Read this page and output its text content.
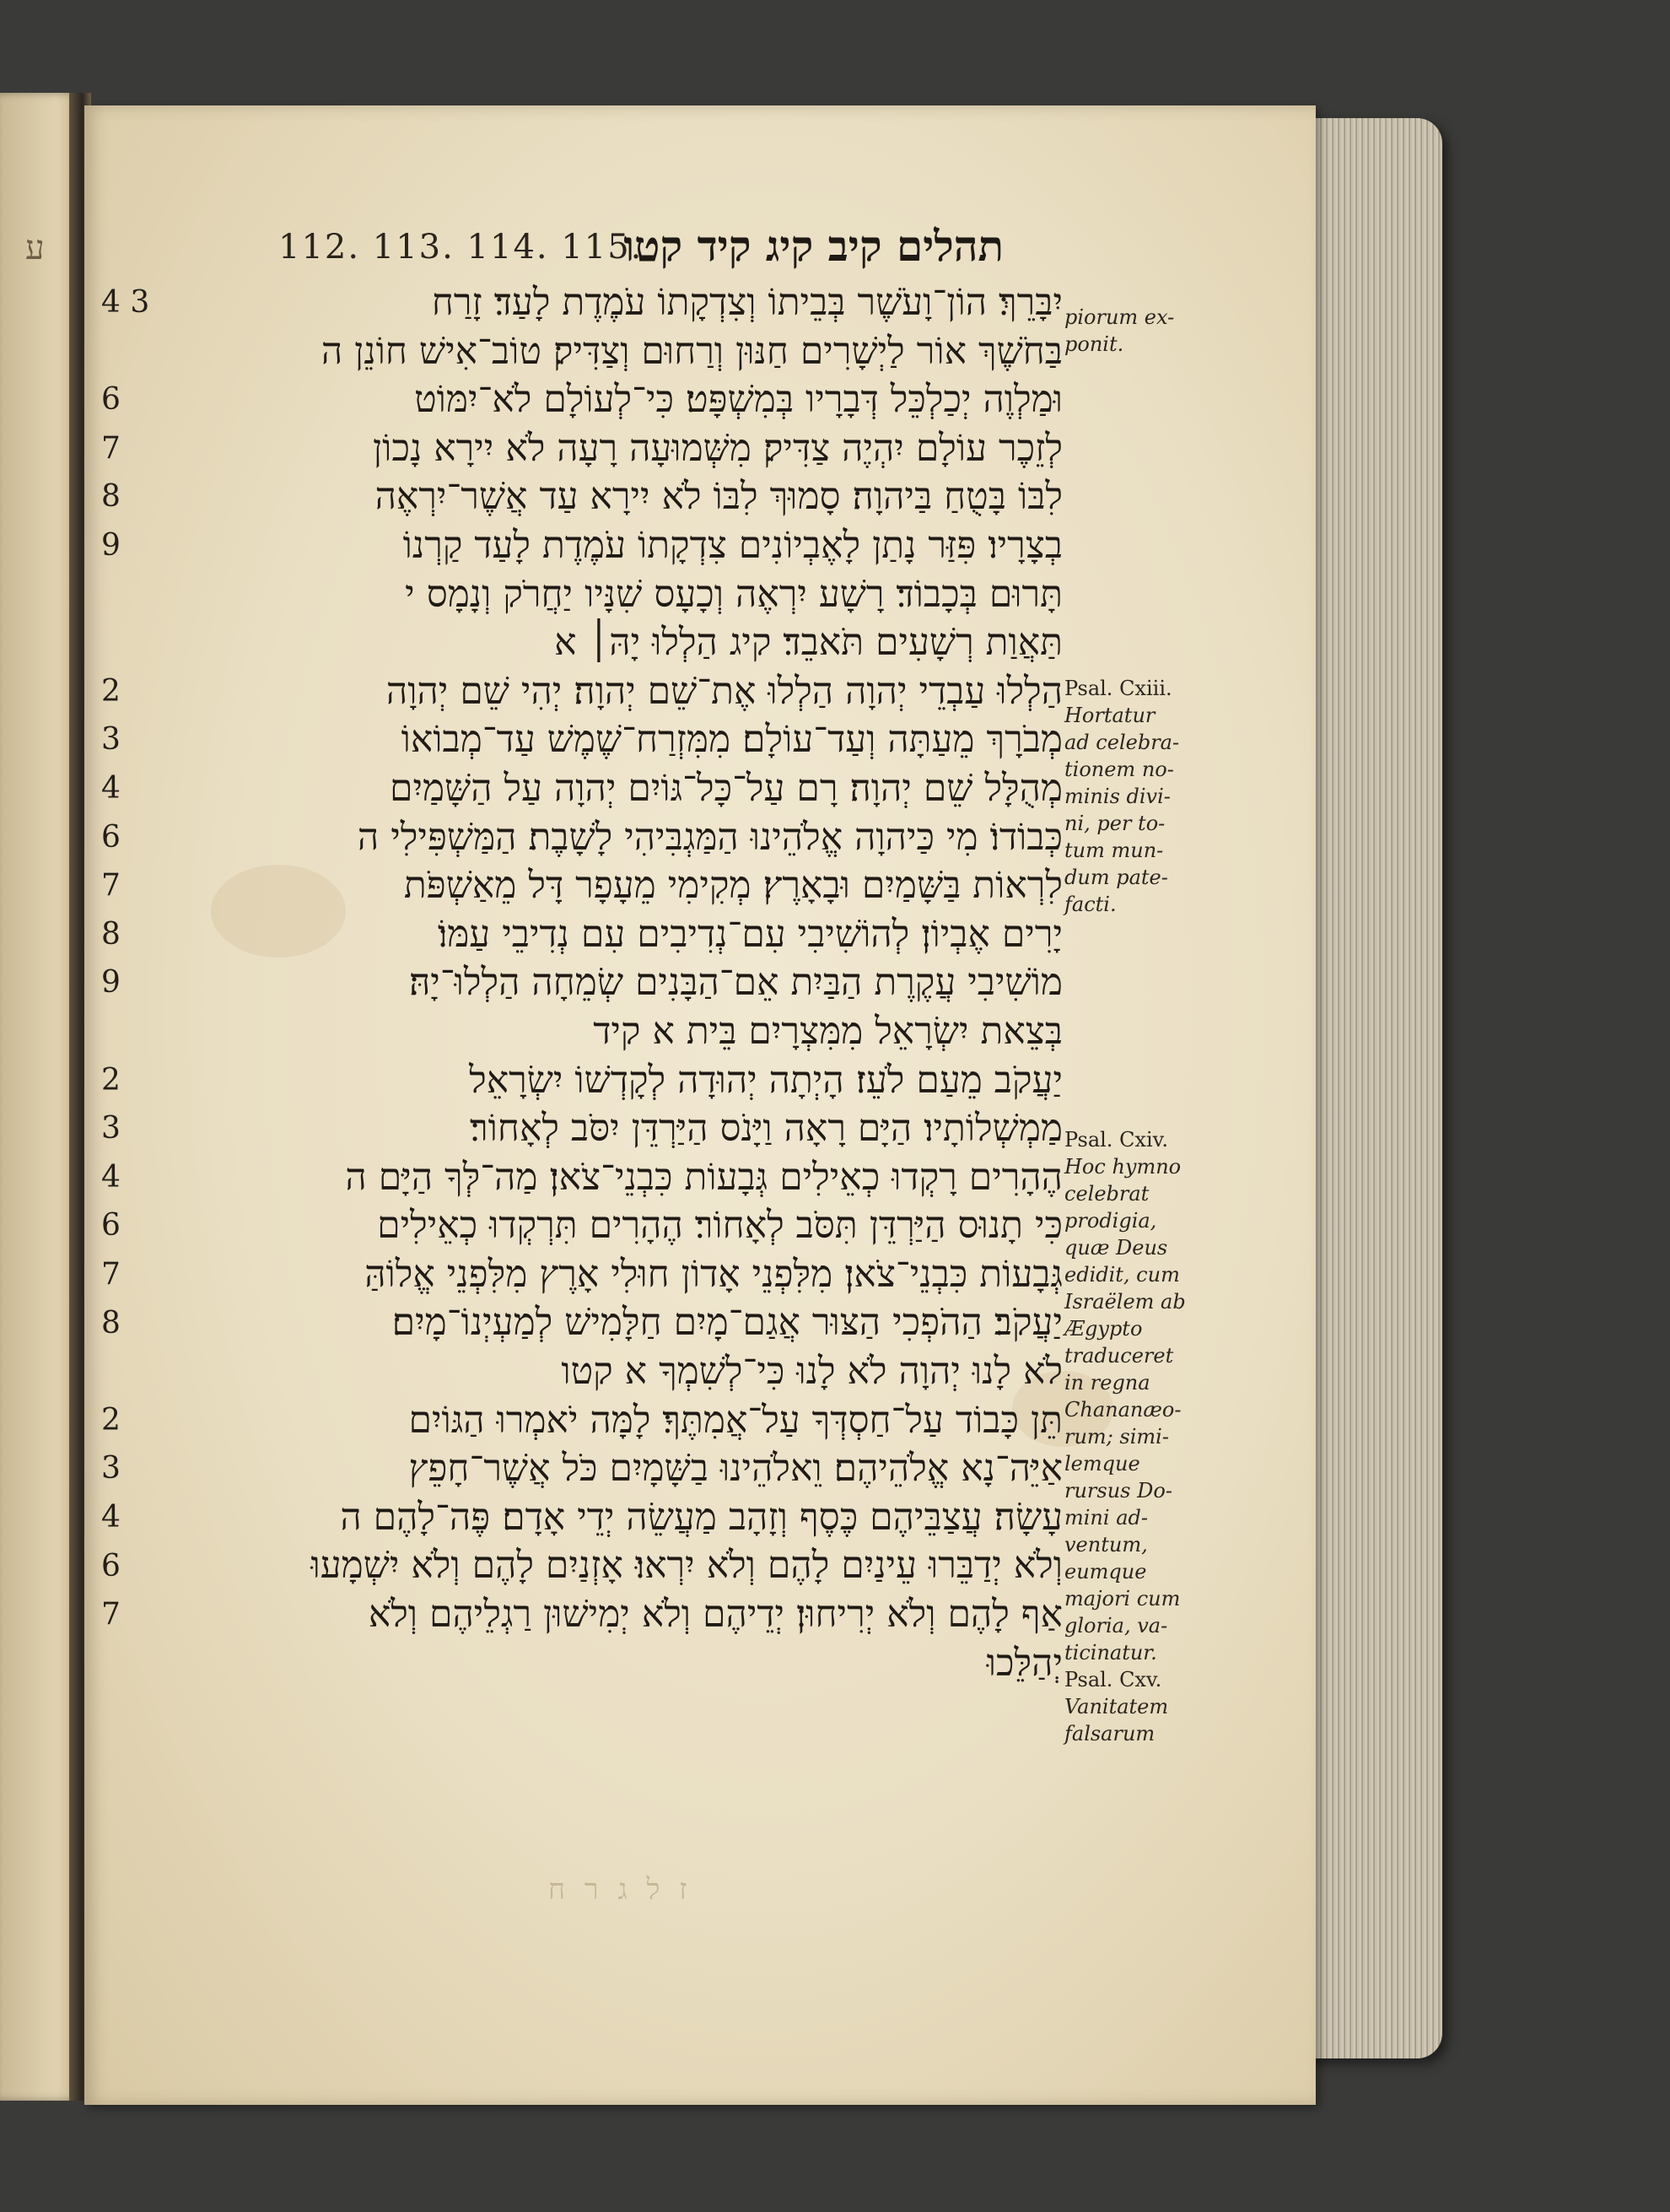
ע	112. 113. 114. 115.
תהלים קיב קיג קיד קטו
יִבָּרֵךְ׃ הוֹן־וָעֹשֶׁר בְּבֵיתוֹ וְצִדְקָתוֹ עֹמֶדֶת לָעַד׃ זָרַח
בַּחֹשֶׁךְ אוֹר לַיְשָׁרִים חַנּוּן וְרַחוּם וְצַדִּיק׃ טוֹב־אִישׁ חוֹנֵן ה
וּמַלְוֶה יְכַלְכֵּל דְּבָרָיו בְּמִשְׁפָּט׃ כִּי־לְעוֹלָם לֹא־יִמּוֹט
לְזֵכֶר עוֹלָם יִהְיֶה צַדִּיק׃ מִשְּׁמוּעָה רָעָה לֹא יִירָא נָכוֹן
לִבּוֹ בָּטֻחַ בַּיהוָה׃ סָמוּךְ לִבּוֹ לֹא יִירָא עַד אֲשֶׁר־יִרְאֶה
בְצָרָיו׃ פִּזַּר נָתַן לָאֶבְיוֹנִים צִדְקָתוֹ עֹמֶדֶת לָעַד קַרְנוֹ
תָּרוּם בְּכָבוֹד׃ רָשָׁע יִרְאֶה וְכָעָס שִׁנָּיו יַחֲרֹק וְנָמָס י
תַּאֲוַת רְשָׁעִים תֹּאבֵד׃ קיג הַלְלוּ יָהּ׀ א
הַלְלוּ עַבְדֵי יְהוָה הַלְלוּ אֶת־שֵׁם יְהוָה׃ יְהִי שֵׁם יְהוָה
מְבֹרָךְ מֵעַתָּה וְעַד־עוֹלָם׃ מִמִּזְרַח־שֶׁמֶשׁ עַד־מְבוֹאוֹ
מְהֻלָּל שֵׁם יְהוָה׃ רָם עַל־כָּל־גּוֹיִם יְהוָה עַל הַשָּׁמַיִם
כְּבוֹדוֹ׃ מִי כַּיהוָה אֱלֹהֵינוּ הַמַּגְבִּיהִי לָשָׁבֶת׃ הַמַּשְׁפִּילִי ה
לִרְאוֹת בַּשָּׁמַיִם וּבָאָרֶץ׃ מְקִימִי מֵעָפָר דָּל מֵאַשְׁפֹּת
יָרִים אֶבְיוֹן׃ לְהוֹשִׁיבִי עִם־נְדִיבִים עִם נְדִיבֵי עַמּוֹ׃
מוֹשִׁיבִי עֲקֶרֶת הַבַּיִת אֵם־הַבָּנִים שְׂמֵחָה הַלְלוּ־יָהּ׃
בְּצֵאת יִשְׂרָאֵל מִמִּצְרָיִם בֵּית א קיד
יַעֲקֹב מֵעַם לֹעֵז׃ הָיְתָה יְהוּדָה לְקָדְשׁוֹ יִשְׂרָאֵל
מַמְשְׁלוֹתָיו׃ הַיָּם רָאָה וַיָּנֹס הַיַּרְדֵּן יִסֹּב לְאָחוֹר׃
הֶהָרִים רָקְדוּ כְאֵילִים גְּבָעוֹת כִּבְנֵי־צֹאן׃ מַה־לְּךָ הַיָּם ה
כִּי תָנוּס הַיַּרְדֵּן תִּסֹּב לְאָחוֹר׃ הֶהָרִים תִּרְקְדוּ כְאֵילִים
גְּבָעוֹת כִּבְנֵי־צֹאן׃ מִלִּפְנֵי אָדוֹן חוּלִי אָרֶץ מִלִּפְנֵי אֱלוֹהַּ
יַעֲקֹב׃ הַהֹפְכִי הַצּוּר אֲגַם־מָיִם חַלָּמִישׁ לְמַעְיְנוֹ־מָיִם׃
לֹא לָנוּ יְהוָה לֹא לָנוּ כִּי־לְשִׁמְךָ א קטו
תֵּן כָּבוֹד עַל־חַסְדְּךָ עַל־אֲמִתֶּךָ׃ לָמָּה יֹאמְרוּ הַגּוֹיִם
אַיֵּה־נָא אֱלֹהֵיהֶם׃ וֵאלֹהֵינוּ בַשָּׁמָיִם כֹּל אֲשֶׁר־חָפֵץ
עָשָׂה׃ עֲצַבֵּיהֶם כֶּסֶף וְזָהָב מַעֲשֵׂה יְדֵי אָדָם׃ פֶּה־לָהֶם ה
וְלֹא יְדַבֵּרוּ עֵינַיִם לָהֶם וְלֹא יִרְאוּ׃ אָזְנַיִם לָהֶם וְלֹא יִשְׁמָעוּ
אַף לָהֶם וְלֹא יְרִיחוּן׃ יְדֵיהֶם וְלֹא יְמִישׁוּן רַגְלֵיהֶם וְלֹא
יְהַלֵּכוּ
4 3
6
7
8
9
2
3
4
6
7
8
9
2
3
4
6
7
8
2
3
4
6
7
piorum ex-
ponit.
Psal. Cxiii.
Hortatur
ad celebra-
tionem no-
minis divi-
ni, per to-
tum mun-
dum pate-
facti.
Psal. Cxiv.
Hoc hymno
celebrat
prodigia,
quæ Deus
edidit, cum
Israëlem ab
Ægypto
traduceret
in regna
Chananæo-
rum; simi-
lemque
rursus Do-
mini ad-
ventum,
eumque
majori cum
gloria, va-
ticinatur.
Psal. Cxv.
Vanitatem
falsarum
ז ל ג ר ח
